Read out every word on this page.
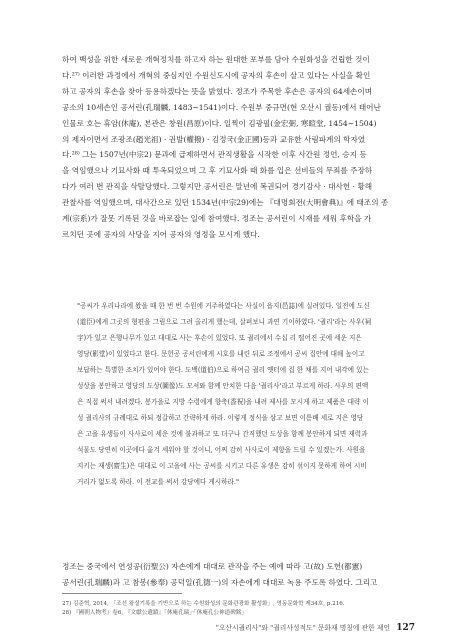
하여 백성을 위한 새로운 개혁정치를 하고자 하는 원대한 포부를 담아 수원화성을 건립한 것이
다.²⁷⁾ 이러한 과정에서 개혁의 중심지인 수원신도시에 공자의 후손이 살고 있다는 사실을 확인
하고 공자의 후손을 찾아 등용하겠다는 뜻을 밝혔다. 정조가 주목한 후손은 공자의 64세손이며
공소의 10세손인 공서린(孔瑞麟, 1483~1541)이다. 수원부 중규면(현 오산시 궐동)에서 태어난
인물로 호는 휴암(休庵), 본관은 창원(昌原)이다. 일찍이 김광필(金宏弼, 寒暄堂, 1454~1504)
의 제자이면서 조광조(趙光祖) · 권발(權撥) · 김정국(金正國)등과 교유한 사림파계의 학자였
다.²⁸⁾ 그는 1507년(中宗2) 문과에 급제하면서 관직생활을 시작한 이후 사간원 정언, 승지 등
을 역임했으나 기묘사화 때 투옥되었으며 그 후 기묘사화 때 화를 입은 선비들의 무죄를 주장하
다가 여러 번 관직을 삭탈당했다. 그렇지만 공서린은 말년에 복권되어 경기감사 · 대사헌 · 황해
관찰사를 역임했으며, 대사간으로 있던 1534년(中宗29)에는 『대명회전(大明會典)』에 태조의 종
계(宗系)가 잘못 기록된 것을 바로잡는 일에 참여했다. 정조는 공서린이 시재를 세워 후학을 가
르치던 곳에 공자의 사당을 지어 공자의 영정을 모시게 했다.

"공씨가 우리나라에 왔을 때 한 번 번 수원에 거주하였다는 사실이 읍지(邑誌)에 실려있다. 일전에 도신
(道臣)에게 그곳의 형편을 그림으로 그려 올리게 했는데, 살펴보니 과연 기이하였다. '궐리'라는 사우(祠
宇)가 있고 은행나무가 있고 대대로 사는 후손이 있었다. 또 궐리에서 수십 리 떨어진 곳에 세운 지은
영당(影堂)이 있었다고 한다. 문헌공 공서린에게 시호를 내린 뒤로 조정에서 공씨 집안에 대해 높이고
보답하는 특별한 조치가 있어야 한다. 도백(道伯)으로 하여금 궐리 옛터에 집 한 채를 지어 내각에 있는
성상을 봉안하고 영당의 도상(圖像)도 모셔와 함께 안치한 다음 '궐리사'라고 부르게 하라. 사우의 편액
은 직접 써서 내려겠다. 봉가을로 지방 수령에게 향축(香祝)을 내려 제사를 모시게 하고 제품은 대략 이
성 궐리사의 규례대로 하되 정갈하고 간략하게 하라. 이렇게 정식을 삼고 보면 이튿배 세로 지은 영당
은 고을 유생들이 사사로이 세운 것에 불과하고 또 더구나 간직했던 도상을 함께 봉안하게 되면 재력과
석물도 당연히 이곳에다 옮겨 세워야 할 것이니, 어찌 감히 사사로이 제향을 드릴 수 있겠는가. 사원을
지키는 재생(齋生)은 대대로 이 고을에 사는 공씨를 시키고 다른 유생은 감히 섞이지 못하게 하여 시비
거리가 없도록 하라. 이 전교를 써서 강당에다 게시하라."

정조는 중국에서 연성공(衍聖公) 자손에게 대대로 관작을 주는 예에 따라 고(故) 도헌(都憲)
공서린(孔瑞麟)과 고 참봉(參奉) 공덕일(孔德一)의 자손에게 대대로 녹용 주도록 하였다. 그리고

27) 김준혁, 2014, 「조선 왕실기록을 기반으로 하는 수원화성의 문화관광화 활성화」, 영동문화학 제34호, p.216.
28) 『國朝人物考』卷6, 『文獻公遺蹟』「休庵孔瑞」·「休庵孔公神道碑銘」
"오산시궐리사"와 "궐리사성적도" 문화재 명칭에 관한 제언 127
